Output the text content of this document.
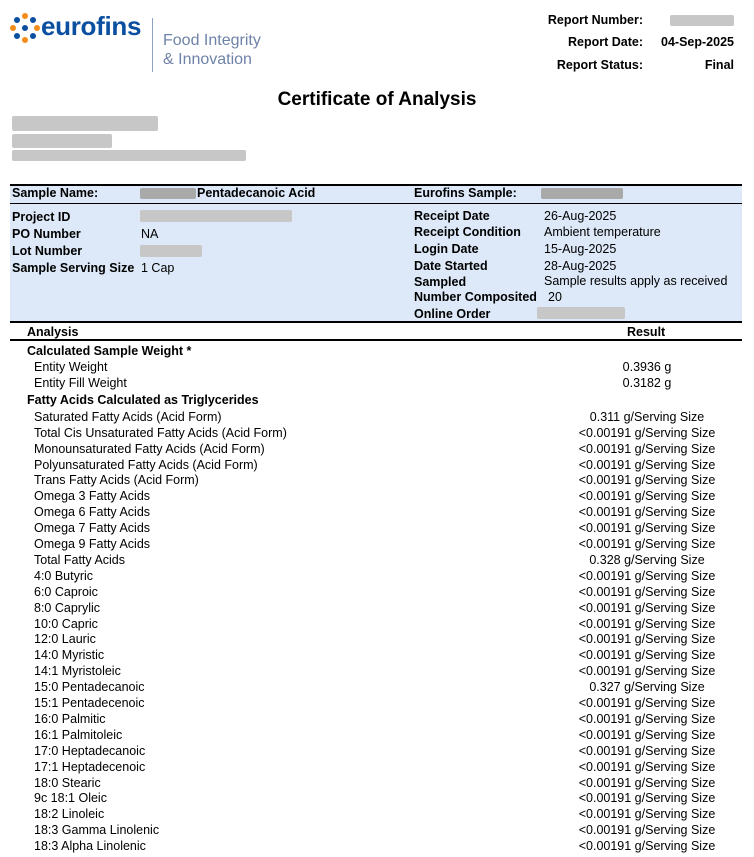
eurofins Food Integrity
& Innovation
Report Number:
Report Date: 04-Sep-2025
Report Status:	Final
Certificate of Analysis
Sample Name:	Pentadecanoic Acid	Eurofins Sample:
Project ID
PO Number	NA
Lot Number
Sample Serving Size 1 Cap
Receipt Date	26-Aug-2025
Receipt Condition Ambient temperature
Login Date	15-Aug-2025
Date Started	28-Aug-2025
Sampled	Sample results apply as received
Number Composited 20
Online Order
Analysis	Result
Calculated Sample Weight *
Entity Weight	0.3936 g
Entity Fill Weight	0.3182 g
Fatty Acids Calculated as Triglycerides
Saturated Fatty Acids (Acid Form)	0.311 g/Serving Size
Total Cis Unsaturated Fatty Acids (Acid Form)	<0.00191 g/Serving Size
Monounsaturated Fatty Acids (Acid Form)	<0.00191 g/Serving Size
Polyunsaturated Fatty Acids (Acid Form)	<0.00191 g/Serving Size
Trans Fatty Acids (Acid Form)	<0.00191 g/Serving Size
Omega 3 Fatty Acids	<0.00191 g/Serving Size
Omega 6 Fatty Acids	<0.00191 g/Serving Size
Omega 7 Fatty Acids	<0.00191 g/Serving Size
Omega 9 Fatty Acids	<0.00191 g/Serving Size
Total Fatty Acids	0.328 g/Serving Size
4:0 Butyric	<0.00191 g/Serving Size
6:0 Caproic	<0.00191 g/Serving Size
8:0 Caprylic	<0.00191 g/Serving Size
10:0 Capric	<0.00191 g/Serving Size
12:0 Lauric	<0.00191 g/Serving Size
14:0 Myristic	<0.00191 g/Serving Size
14:1 Myristoleic	<0.00191 g/Serving Size
15:0 Pentadecanoic	0.327 g/Serving Size
15:1 Pentadecenoic	<0.00191 g/Serving Size
16:0 Palmitic	<0.00191 g/Serving Size
16:1 Palmitoleic	<0.00191 g/Serving Size
17:0 Heptadecanoic	<0.00191 g/Serving Size
17:1 Heptadecenoic	<0.00191 g/Serving Size
18:0 Stearic	<0.00191 g/Serving Size
9c 18:1 Oleic	<0.00191 g/Serving Size
18:2 Linoleic	<0.00191 g/Serving Size
18:3 Gamma Linolenic	<0.00191 g/Serving Size
18:3 Alpha Linolenic	<0.00191 g/Serving Size
